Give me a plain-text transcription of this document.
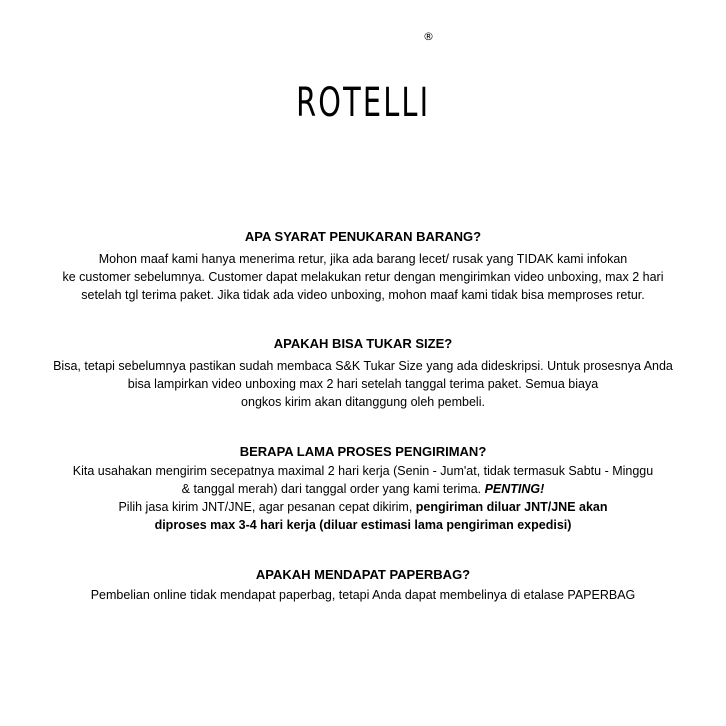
ROTELLI
®

APA SYARAT PENUKARAN BARANG?

Mohon maaf kami hanya menerima retur, jika ada barang lecet/ rusak yang TIDAK kami infokan
ke customer sebelumnya. Customer dapat melakukan retur dengan mengirimkan video unboxing, max 2 hari
setelah tgl terima paket. Jika tidak ada video unboxing, mohon maaf kami tidak bisa memproses retur.

APAKAH BISA TUKAR SIZE?

Bisa, tetapi sebelumnya pastikan sudah membaca S&K Tukar Size yang ada dideskripsi. Untuk prosesnya Anda
bisa lampirkan video unboxing max 2 hari setelah tanggal terima paket. Semua biaya
ongkos kirim akan ditanggung oleh pembeli.

BERAPA LAMA PROSES PENGIRIMAN?

Kita usahakan mengirim secepatnya maximal 2 hari kerja (Senin - Jum'at, tidak termasuk Sabtu - Minggu
& tanggal merah) dari tanggal order yang kami terima. PENTING!
Pilih jasa kirim JNT/JNE, agar pesanan cepat dikirim, pengiriman diluar JNT/JNE akan
diproses max 3-4 hari kerja (diluar estimasi lama pengiriman expedisi)

APAKAH MENDAPAT PAPERBAG?

Pembelian online tidak mendapat paperbag, tetapi Anda dapat membelinya di etalase PAPERBAG
